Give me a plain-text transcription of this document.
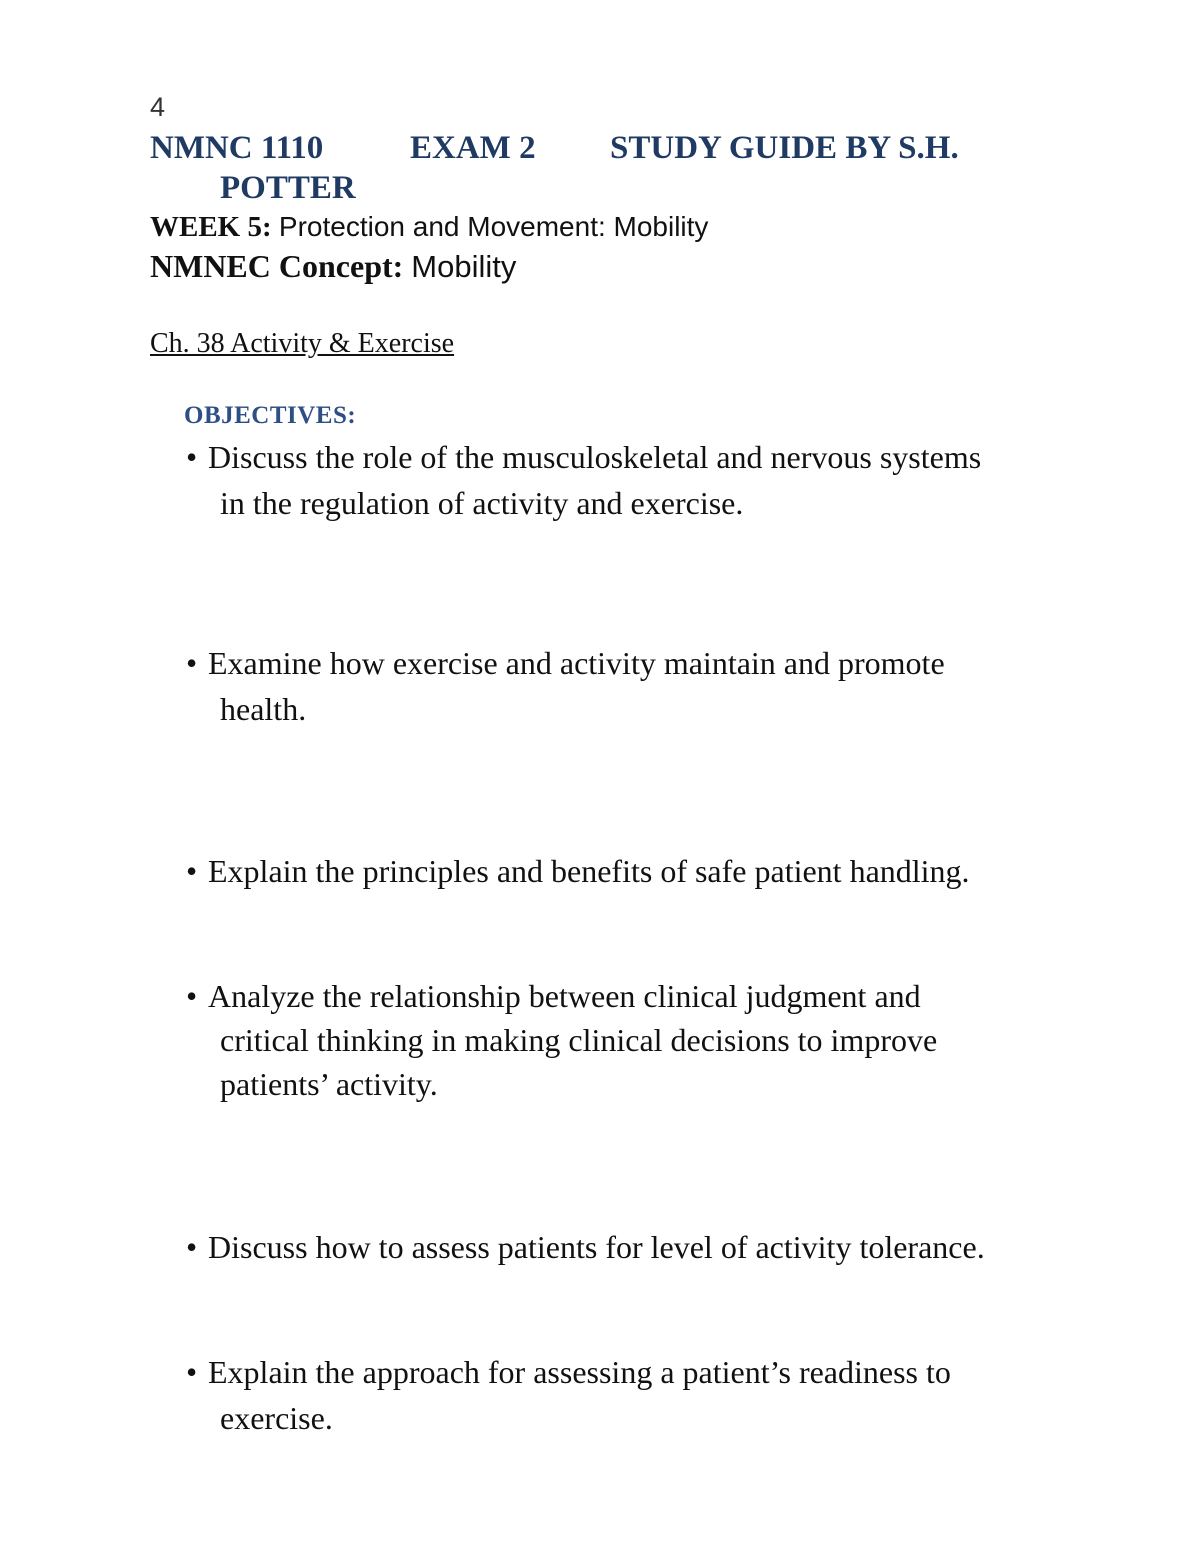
4
NMNC 1110	EXAM 2 STUDY GUIDE BY S.H.
POTTER
WEEK 5: Protection and Movement: Mobility
NMNEC Concept: Mobility
Ch. 38 Activity & Exercise
OBJECTIVES:
• Discuss the role of the musculoskeletal and nervous systems
in the regulation of activity and exercise.
• Examine how exercise and activity maintain and promote
health.
• Explain the principles and benefits of safe patient handling.
• Analyze the relationship between clinical judgment and
critical thinking in making clinical decisions to improve
patients’ activity.
• Discuss how to assess patients for level of activity tolerance.
• Explain the approach for assessing a patient’s readiness to
exercise.
